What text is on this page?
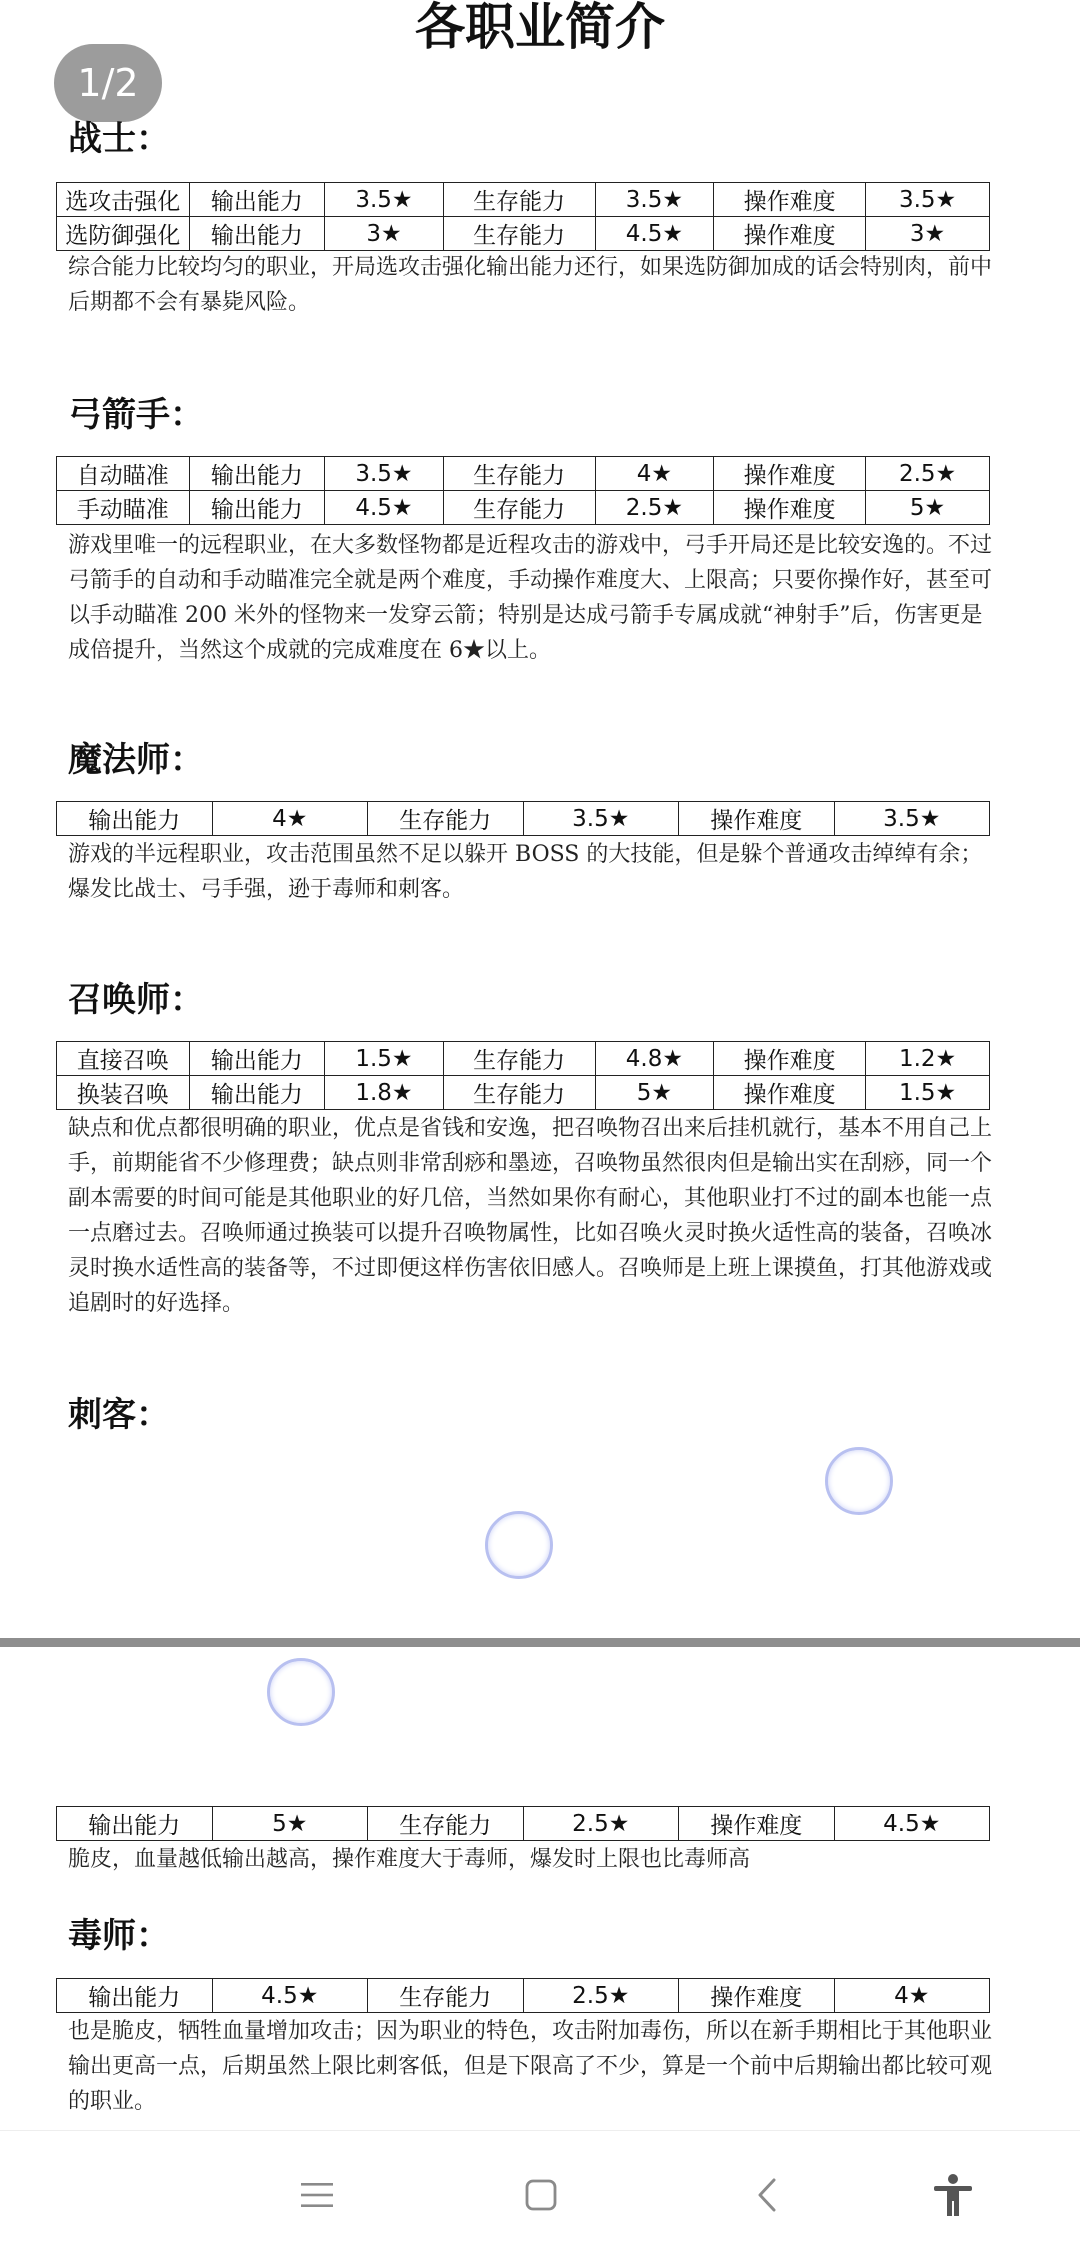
各职业简介
1/2
战士：
选攻击强化	输出能力	3.5★	生存能力	3.5★	操作难度	3.5★
选防御强化	输出能力	3★	生存能力	4.5★	操作难度	3★

综合能力比较均匀的职业，开局选攻击强化输出能力还行，如果选防御加成的话会特别肉，前中后期都不会有暴毙风险。

弓箭手：
自动瞄准	输出能力	3.5★	生存能力	4★	操作难度	2.5★
手动瞄准	输出能力	4.5★	生存能力	2.5★	操作难度	5★

游戏里唯一的远程职业，在大多数怪物都是近程攻击的游戏中，弓手开局还是比较安逸的。不过弓箭手的自动和手动瞄准完全就是两个难度，手动操作难度大、上限高；只要你操作好，甚至可以手动瞄准 200 米外的怪物来一发穿云箭；特别是达成弓箭手专属成就“神射手”后，伤害更是成倍提升，当然这个成就的完成难度在 6★以上。

魔法师：
输出能力	4★	生存能力	3.5★	操作难度	3.5★

游戏的半远程职业，攻击范围虽然不足以躲开 BOSS 的大技能，但是躲个普通攻击绰绰有余；爆发比战士、弓手强，逊于毒师和刺客。

召唤师：
直接召唤	输出能力	1.5★	生存能力	4.8★	操作难度	1.2★
换装召唤	输出能力	1.8★	生存能力	5★	操作难度	1.5★

缺点和优点都很明确的职业，优点是省钱和安逸，把召唤物召出来后挂机就行，基本不用自己上手，前期能省不少修理费；缺点则非常刮痧和墨迹，召唤物虽然很肉但是输出实在刮痧，同一个副本需要的时间可能是其他职业的好几倍，当然如果你有耐心，其他职业打不过的副本也能一点一点磨过去。召唤师通过换装可以提升召唤物属性，比如召唤火灵时换火适性高的装备，召唤冰灵时换水适性高的装备等，不过即便这样伤害依旧感人。召唤师是上班上课摸鱼，打其他游戏或追剧时的好选择。

刺客：
输出能力	5★	生存能力	2.5★	操作难度	4.5★

脆皮，血量越低输出越高，操作难度大于毒师，爆发时上限也比毒师高

毒师：
输出能力	4.5★	生存能力	2.5★	操作难度	4★

也是脆皮，牺牲血量增加攻击；因为职业的特色，攻击附加毒伤，所以在新手期相比于其他职业输出更高一点，后期虽然上限比刺客低，但是下限高了不少，算是一个前中后期输出都比较可观的职业。
